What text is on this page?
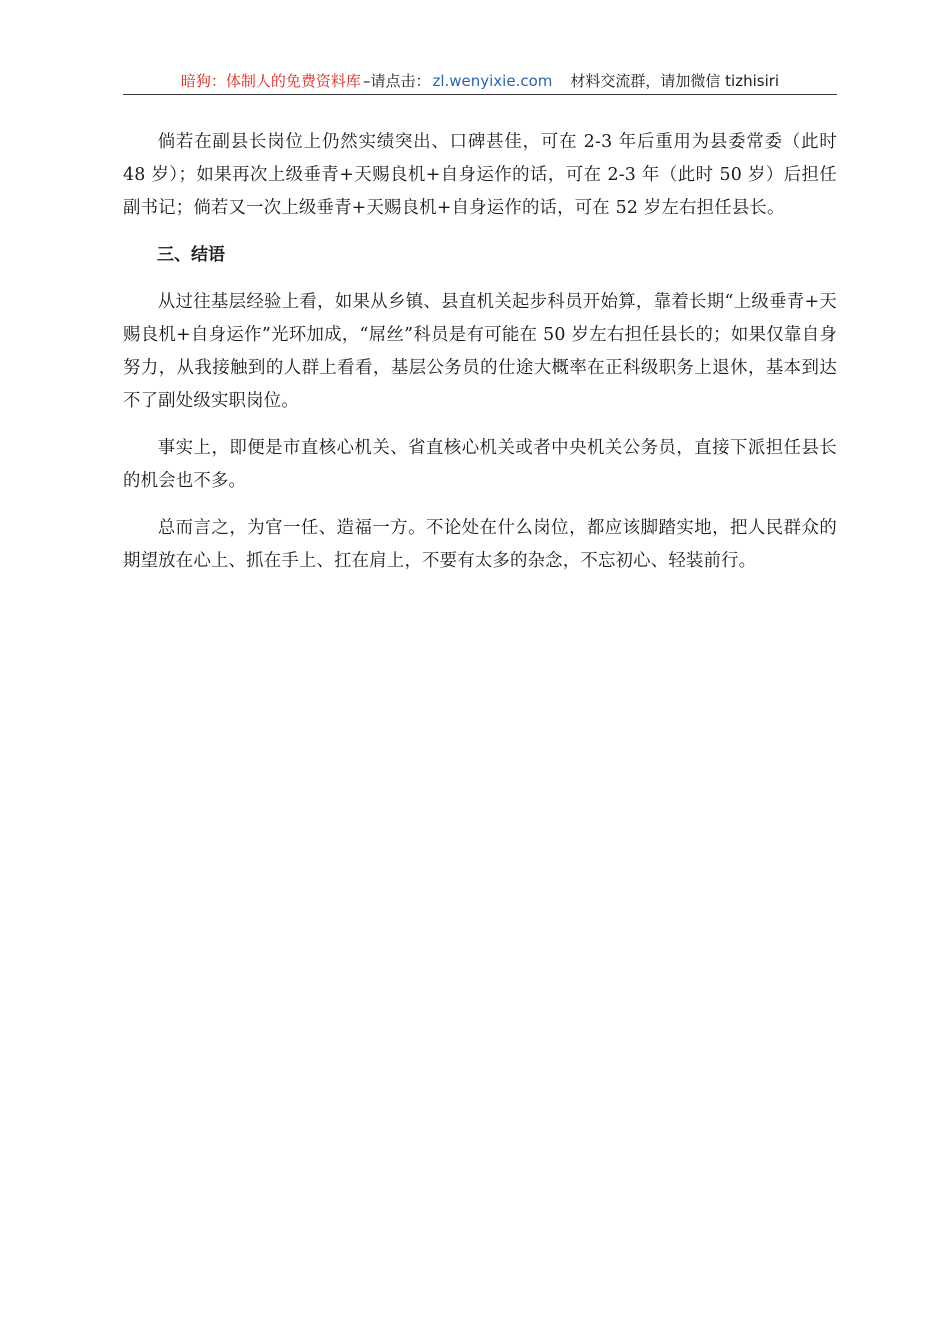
暗狗：体制人的免费资料库 –请点击： zl.wenyixie.com 材料交流群，请加微信 tizhisiri

倘若在副县长岗位上仍然实绩突出、口碑甚佳，可在 2-3 年后重用为县委常委（此时 48 岁）；如果再次上级垂青+天赐良机+自身运作的话，可在 2-3 年（此时 50 岁）后担任副书记；倘若又一次上级垂青+天赐良机+自身运作的话，可在 52 岁左右担任县长。

三、结语

从过往基层经验上看，如果从乡镇、县直机关起步科员开始算，靠着长期“上级垂青+天赐良机+自身运作”光环加成，“屌丝”科员是有可能在 50 岁左右担任县长的；如果仅靠自身努力，从我接触到的人群上看看，基层公务员的仕途大概率在正科级职务上退休，基本到达不了副处级实职岗位。

事实上，即便是市直核心机关、省直核心机关或者中央机关公务员，直接下派担任县长的机会也不多。

总而言之，为官一任、造福一方。不论处在什么岗位，都应该脚踏实地，把人民群众的期望放在心上、抓在手上、扛在肩上，不要有太多的杂念，不忘初心、轻装前行。
